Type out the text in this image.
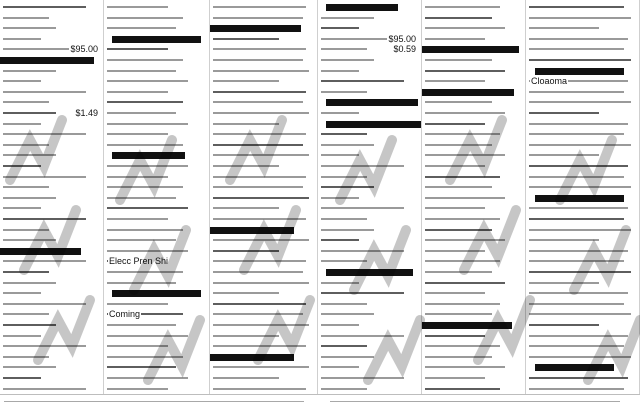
$95.00
$1.49
Elecc Pren Shi
Coming
$95.00
$0.59
Cloaoma
